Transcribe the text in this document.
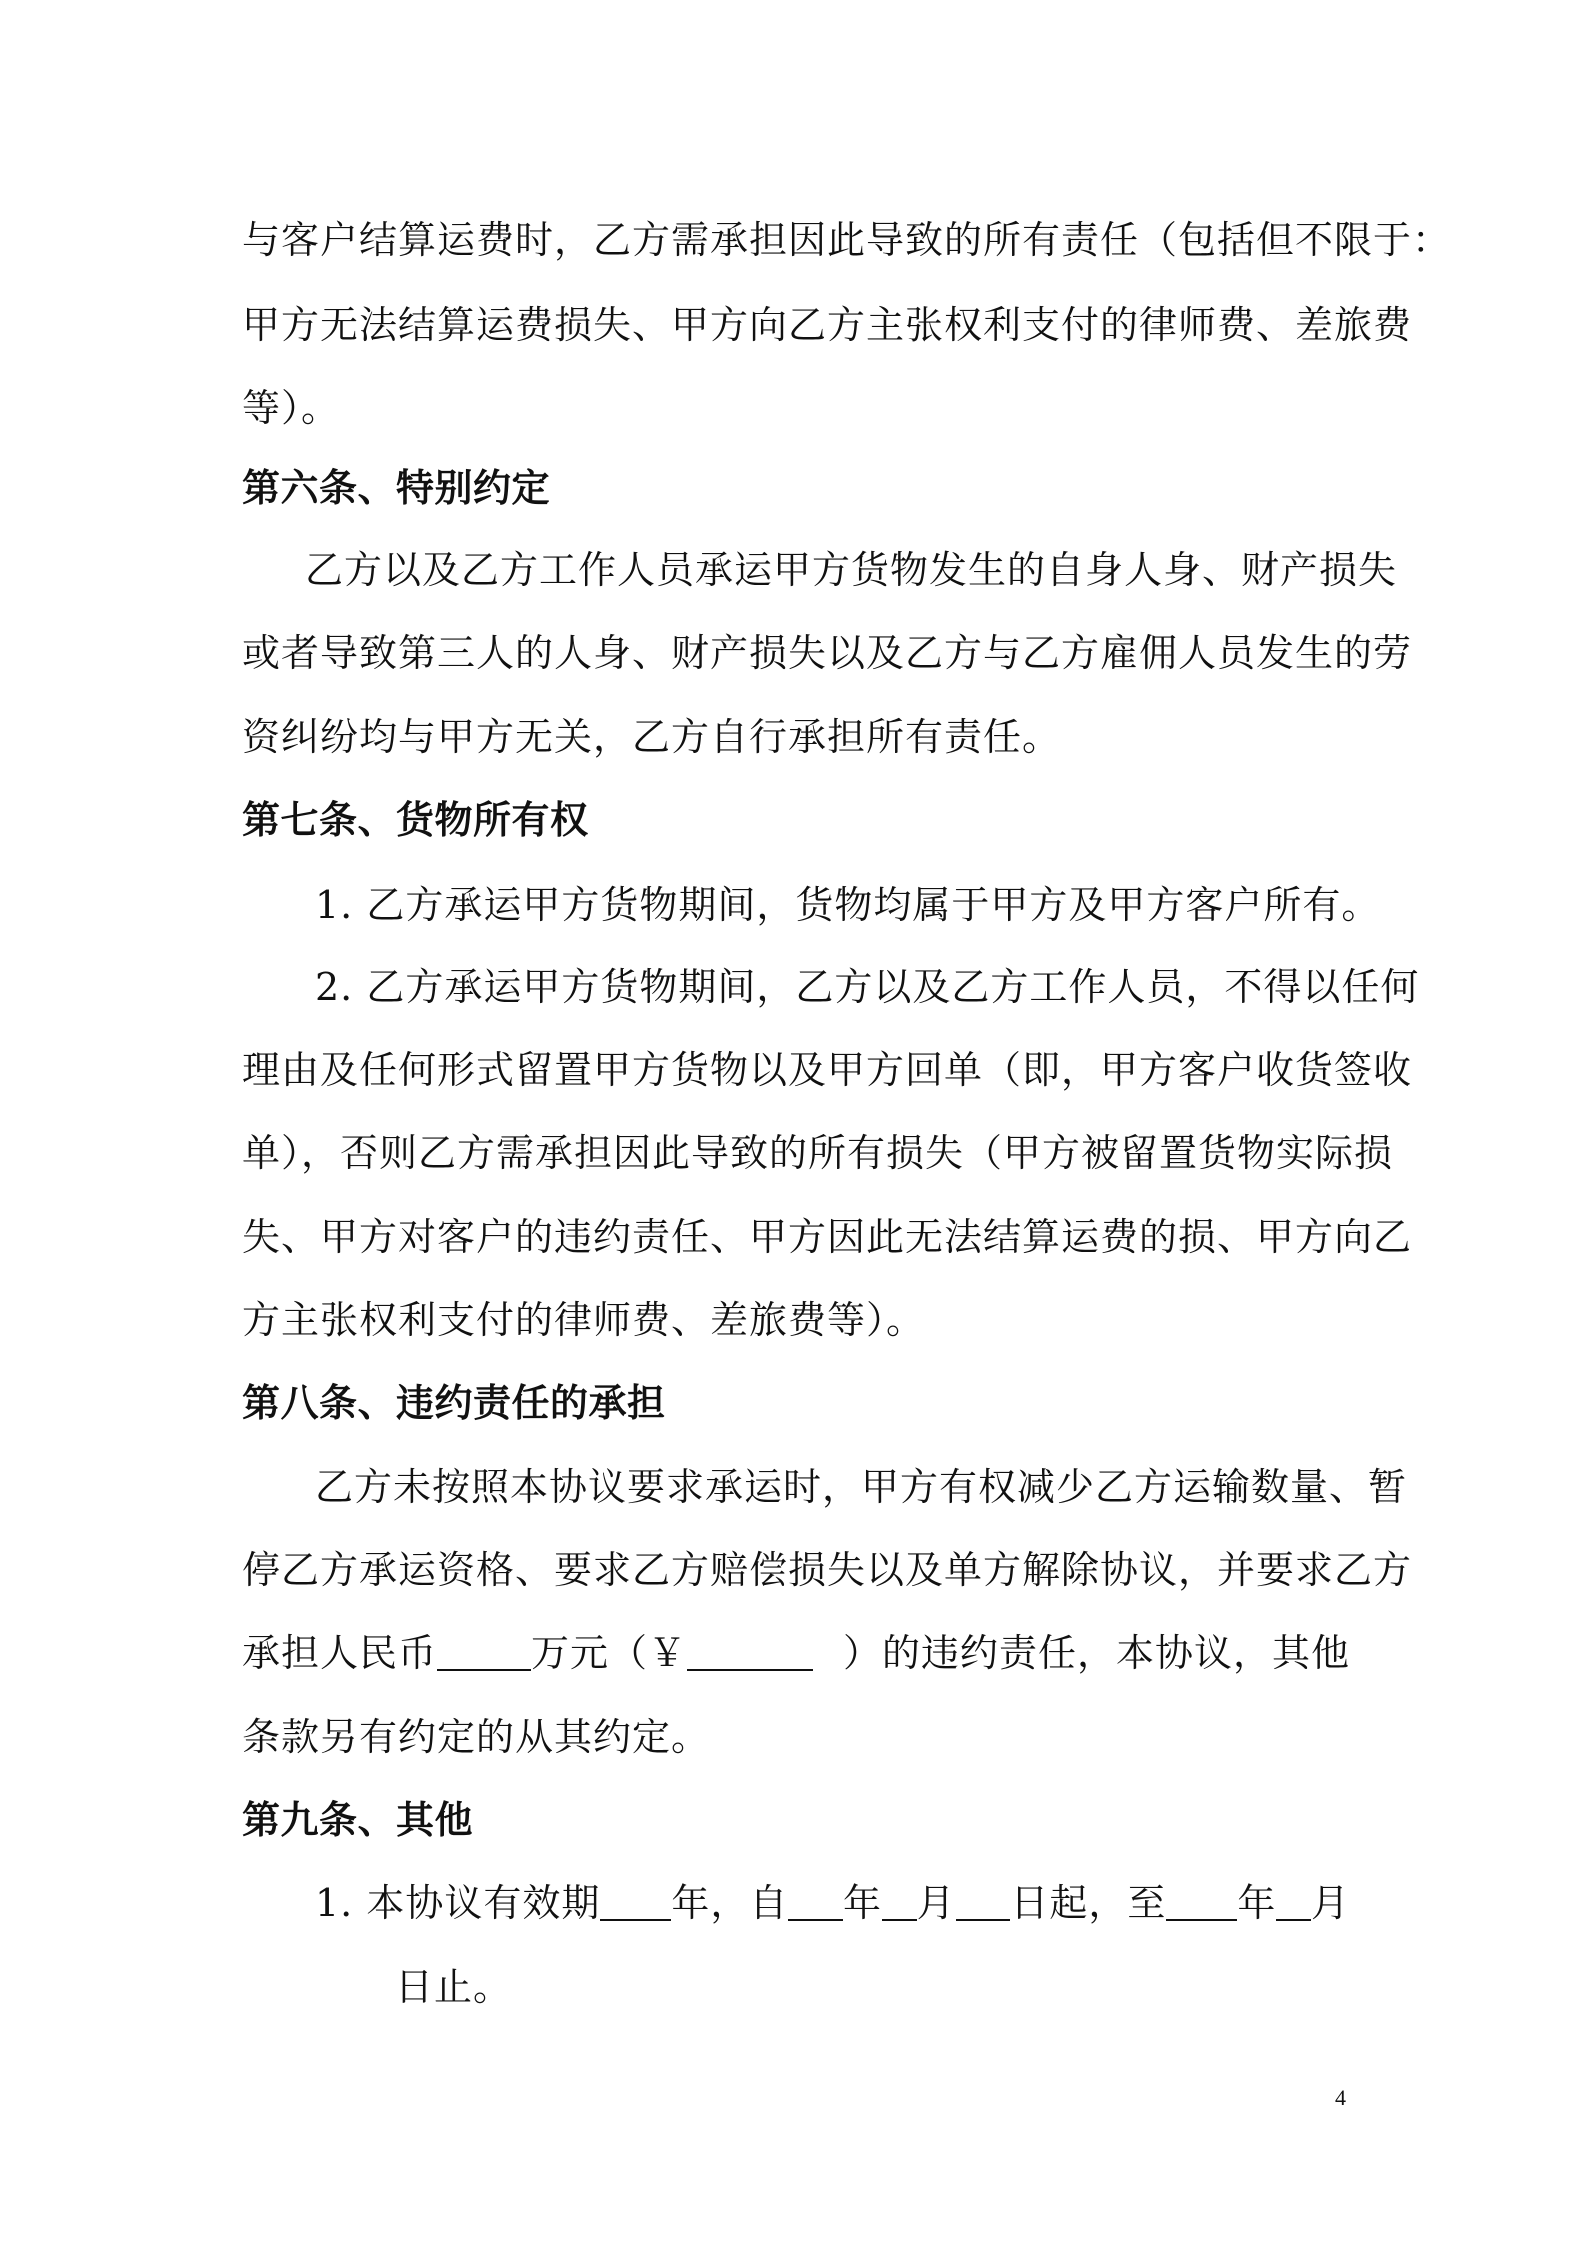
与客户结算运费时，乙方需承担因此导致的所有责任（包括但不限于：
甲方无法结算运费损失、甲方向乙方主张权利支付的律师费、差旅费
等）。
第六条、特别约定
乙方以及乙方工作人员承运甲方货物发生的自身人身、财产损失
或者导致第三人的人身、财产损失以及乙方与乙方雇佣人员发生的劳
资纠纷均与甲方无关，乙方自行承担所有责任。
第七条、货物所有权
1. 乙方承运甲方货物期间，货物均属于甲方及甲方客户所有。
2. 乙方承运甲方货物期间，乙方以及乙方工作人员，不得以任何
理由及任何形式留置甲方货物以及甲方回单（即，甲方客户收货签收
单），否则乙方需承担因此导致的所有损失（甲方被留置货物实际损
失、甲方对客户的违约责任、甲方因此无法结算运费的损、甲方向乙
方主张权利支付的律师费、差旅费等）。
第八条、违约责任的承担
乙方未按照本协议要求承运时，甲方有权减少乙方运输数量、暂
停乙方承运资格、要求乙方赔偿损失以及单方解除协议，并要求乙方
承担人民币 万元（￥	）的违约责任，本协议，其他
条款另有约定的从其约定。
第九条、其他
1. 本协议有效期 年，自 年 月 日起，至 年 月
日止。
4
